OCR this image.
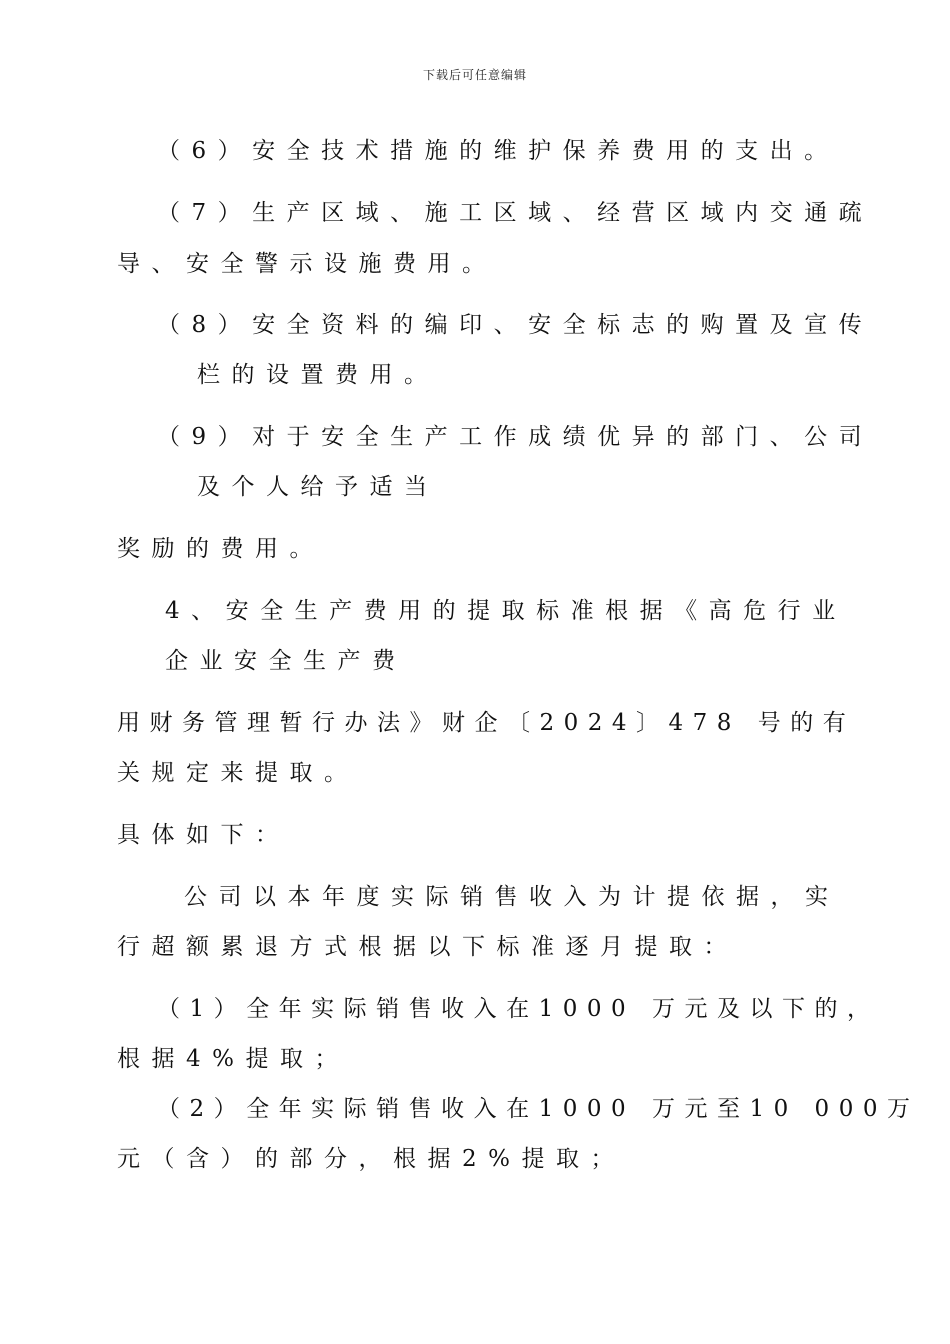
下载后可任意编辑
（6）安全技术措施的维护保养费用的支出。
（7）生产区域、施工区域、经营区域内交通疏
导、安全警示设施费用。
（8）安全资料的编印、安全标志的购置及宣传
栏的设置费用。
（9）对于安全生产工作成绩优异的部门、公司
及个人给予适当
奖励的费用。
4、安全生产费用的提取标准根据《高危行业
企业安全生产费
用财务管理暂行办法》财企〔2024〕478 号的有
关规定来提取。
具体如下：
公司以本年度实际销售收入为计提依据，实
行超额累退方式根据以下标准逐月提取：
（1）全年实际销售收入在1000 万元及以下的，
根据4%提取；
（2）全年实际销售收入在1000 万元至10 000万
元（含）的部分，根据2%提取；
